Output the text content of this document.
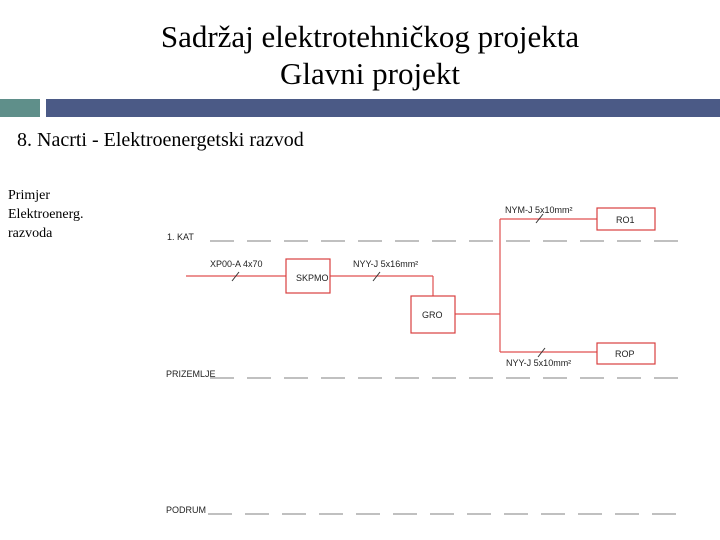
Sadržaj elektrotehničkog projekta
Glavni projekt
8. Nacrti - Elektroenergetski razvod
Primjer
Elektroenerg.
razvoda	1. KAT
PRIZEMLJE
PODRUM
SKPMO
GRO
RO1
ROP
NYM-J 5x10mm²
XP00-A 4x70	NYY-J 5x16mm²
NYY-J 5x10mm²
